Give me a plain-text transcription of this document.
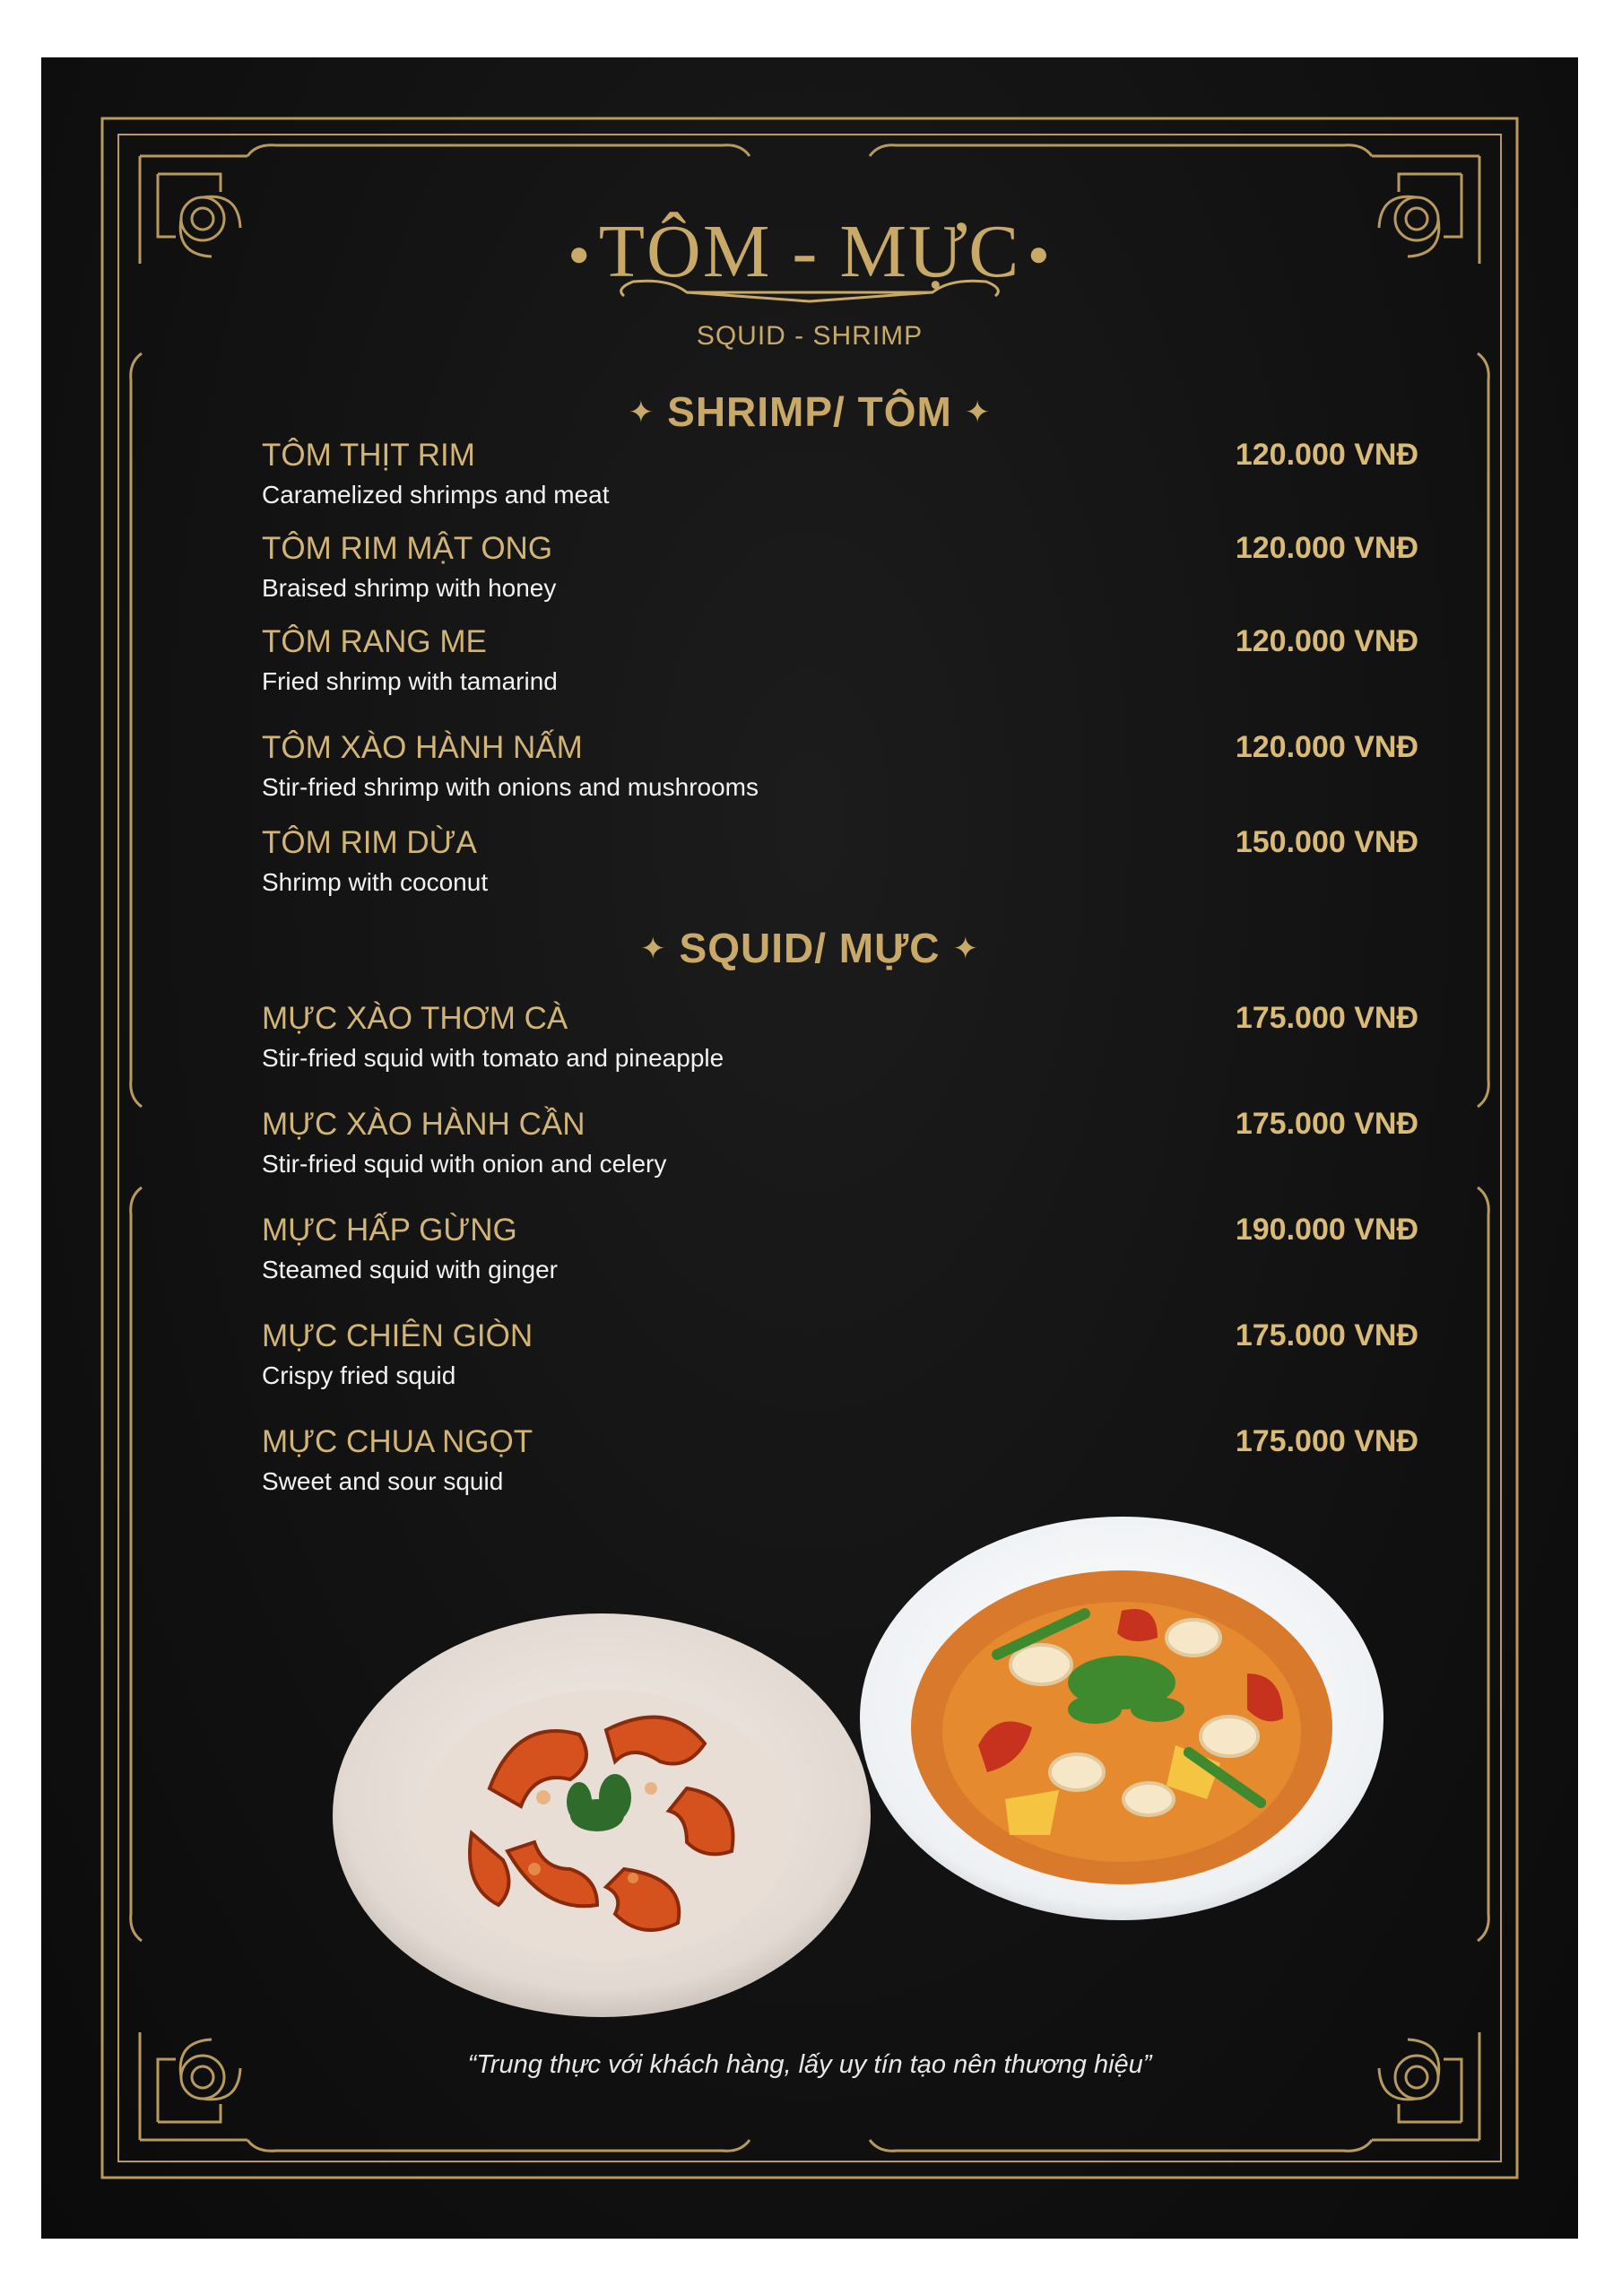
●TÔM - MỰC ●
SQUID - SHRIMP
✦ SHRIMP/ TÔM ✦
TÔM THỊT RIM
Caramelized shrimps and meat
120.000 VNĐ
TÔM RIM MẬT ONG
Braised shrimp with honey
120.000 VNĐ
TÔM RANG ME
Fried shrimp with tamarind
120.000 VNĐ
TÔM XÀO HÀNH NẤM
Stir-fried shrimp with onions and mushrooms
120.000 VNĐ
TÔM RIM DỪA
Shrimp with coconut
150.000 VNĐ
✦ SQUID/ MỰC ✦
MỰC XÀO THƠM CÀ
Stir-fried squid with tomato and pineapple
175.000 VNĐ
MỰC XÀO HÀNH CẦN
Stir-fried squid with onion and celery
175.000 VNĐ
MỰC HẤP GỪNG
Steamed squid with ginger
190.000 VNĐ
MỰC CHIÊN GIÒN
Crispy fried squid
175.000 VNĐ
MỰC CHUA NGỌT
Sweet and sour squid
175.000 VNĐ
“Trung thực với khách hàng, lấy uy tín tạo nên thương hiệu”
